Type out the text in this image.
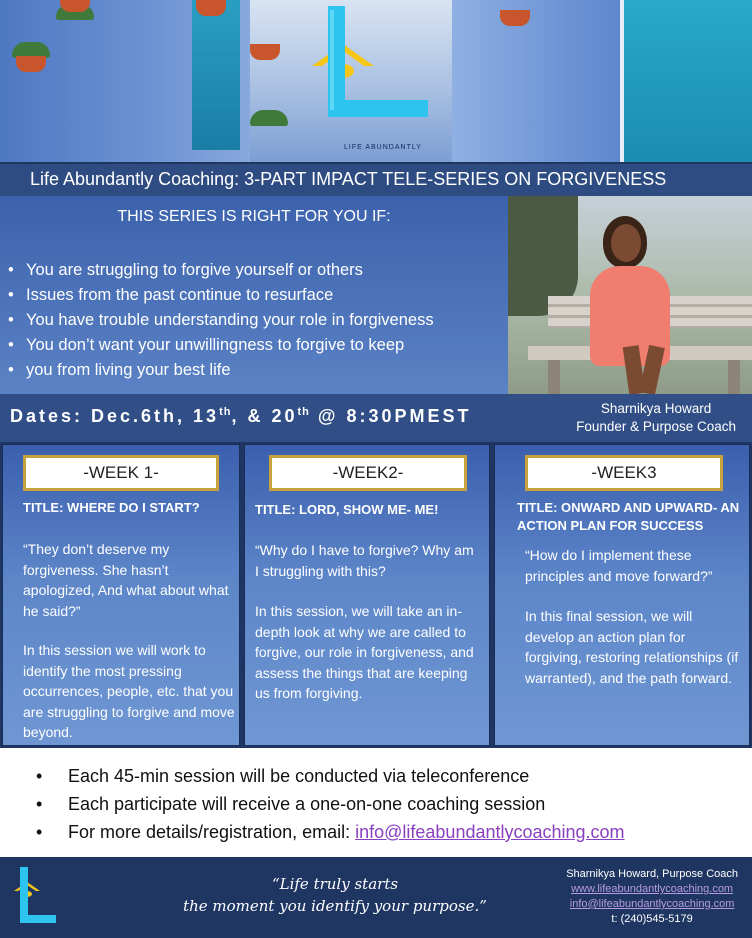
LIFE ABUNDANTLY
Life Abundantly Coaching: 3-PART IMPACT TELE-SERIES ON FORGIVENESS
THIS SERIES IS RIGHT FOR YOU IF:
• You are struggling to forgive yourself or others
• Issues from the past continue to resurface
• You have trouble understanding your role in forgiveness
• You don’t want your unwillingness to forgive to keep
• you from living your best life
Dates: Dec.6th, 13th, & 20th @ 8:30PMEST	Sharnikya Howard
Founder & Purpose Coach
-WEEK 1-
TITLE: WHERE DO I START?
“They don’t deserve my forgiveness. She hasn’t apologized, And what about what he said?”
In this session we will work to identify the most pressing occurrences, people, etc. that you are struggling to forgive and move beyond.
-WEEK2-
TITLE: LORD, SHOW ME- ME!
“Why do I have to forgive? Why am I struggling with this?
In this session, we will take an in-depth look at why we are called to forgive, our role in forgiveness, and assess the things that are keeping us from forgiving.
-WEEK3
TITLE: ONWARD AND UPWARD- AN ACTION PLAN FOR SUCCESS
“How do I implement these principles and move forward?”
In this final session, we will develop an action plan for forgiving, restoring relationships (if warranted), and the path forward.
• Each 45-min session will be conducted via teleconference
• Each participate will receive a one-on-one coaching session
• For more details/registration, email: info@lifeabundantlycoaching.com
“Life truly starts
the moment you identify your purpose.”
Sharnikya Howard, Purpose Coach
www.lifeabundantlycoaching.com
info@lifeabundantlycoaching.com
t: (240)545-5179
